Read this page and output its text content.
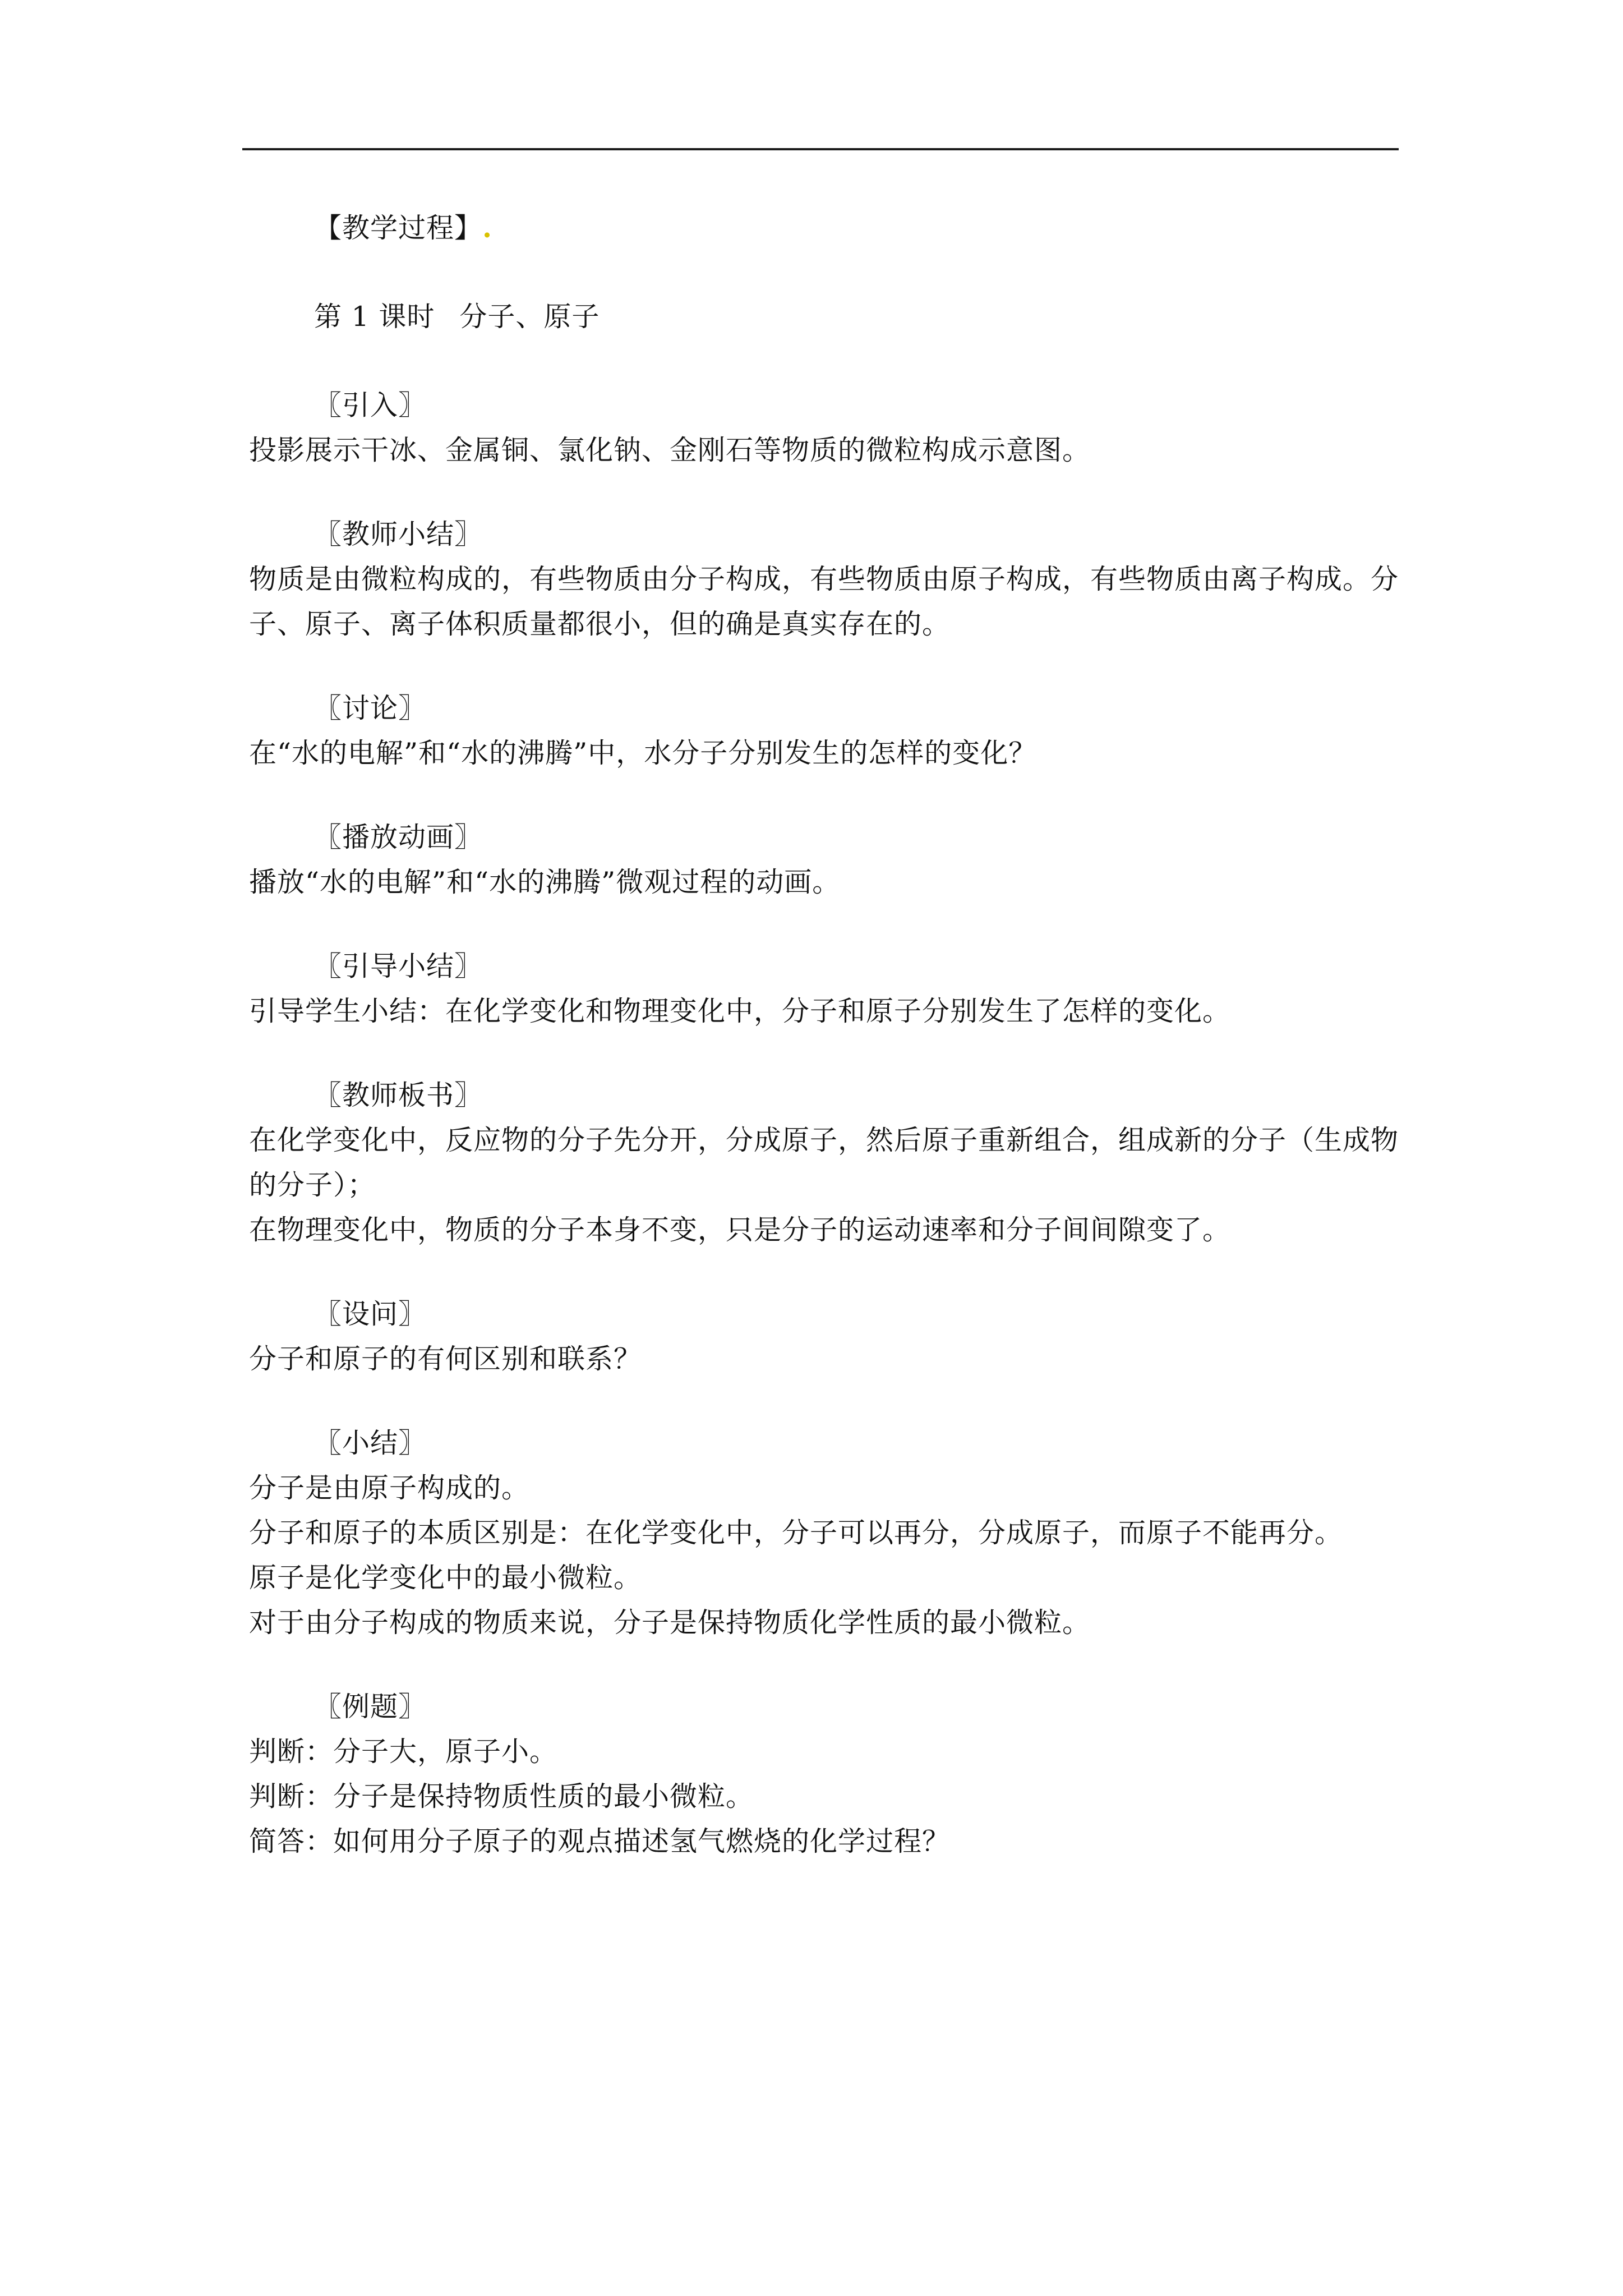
【教学过程】.

第 1 课时 分子、原子

〖引入〗

投影展示干冰、金属铜、氯化钠、金刚石等物质的微粒构成示意图。

〖教师小结〗

物质是由微粒构成的，有些物质由分子构成，有些物质由原子构成，有些物质由离子构成。分子、原子、离子体积质量都很小，但的确是真实存在的。

〖讨论〗

在“水的电解”和“水的沸腾”中，水分子分别发生的怎样的变化？

〖播放动画〗

播放“水的电解”和“水的沸腾”微观过程的动画。

〖引导小结〗

引导学生小结：在化学变化和物理变化中，分子和原子分别发生了怎样的变化。

〖教师板书〗

在化学变化中，反应物的分子先分开，分成原子，然后原子重新组合，组成新的分子（生成物的分子）；

在物理变化中，物质的分子本身不变，只是分子的运动速率和分子间间隙变了。

〖设问〗

分子和原子的有何区别和联系？

〖小结〗

分子是由原子构成的。

分子和原子的本质区别是：在化学变化中，分子可以再分，分成原子，而原子不能再分。

原子是化学变化中的最小微粒。

对于由分子构成的物质来说，分子是保持物质化学性质的最小微粒。

〖例题〗

判断：分子大，原子小。

判断：分子是保持物质性质的最小微粒。

简答：如何用分子原子的观点描述氢气燃烧的化学过程？
